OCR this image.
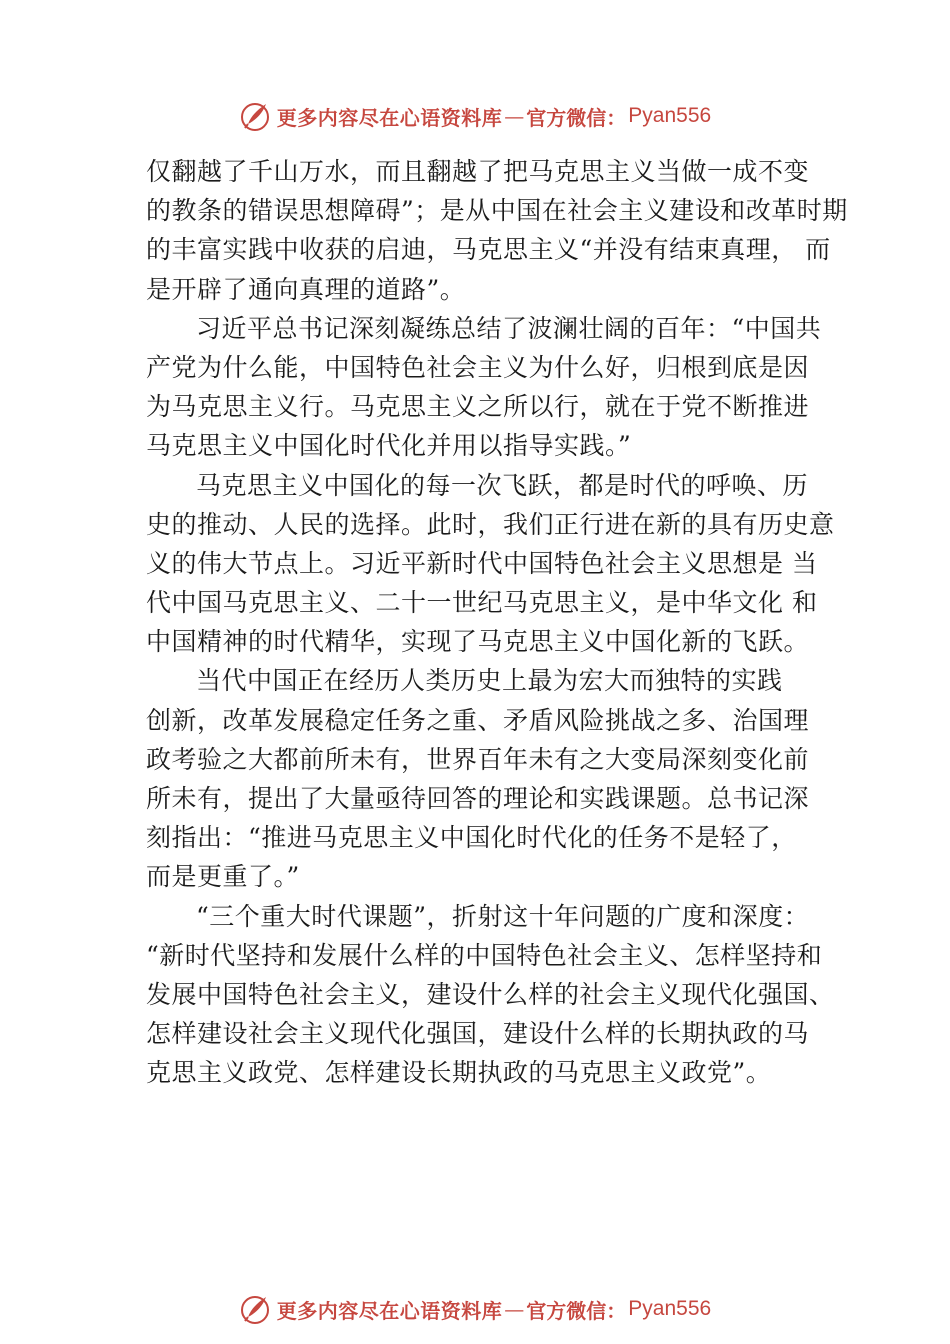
更多内容尽在心语资料库 — 官方微信： Pyan556
仅翻越了千山万水，而且翻越了把马克思主义当做一成不变
的教条的错误思想障碍”；是从中国在社会主义建设和改革时期
的丰富实践中收获的启迪，马克思主义“并没有结束真理， 而
是开辟了通向真理的道路”。
习近平总书记深刻凝练总结了波澜壮阔的百年：“中国共
产党为什么能，中国特色社会主义为什么好，归根到底是因
为马克思主义行。马克思主义之所以行，就在于党不断推进
马克思主义中国化时代化并用以指导实践。”
马克思主义中国化的每一次飞跃，都是时代的呼唤、历
史的推动、人民的选择。此时，我们正行进在新的具有历史意
义的伟大节点上。习近平新时代中国特色社会主义思想是 当
代中国马克思主义、二十一世纪马克思主义，是中华文化 和
中国精神的时代精华，实现了马克思主义中国化新的飞跃。
当代中国正在经历人类历史上最为宏大而独特的实践
创新，改革发展稳定任务之重、矛盾风险挑战之多、治国理
政考验之大都前所未有，世界百年未有之大变局深刻变化前
所未有，提出了大量亟待回答的理论和实践课题。总书记深
刻指出：“推进马克思主义中国化时代化的任务不是轻了，
而是更重了。”
“三个重大时代课题”，折射这十年问题的广度和深度：
“新时代坚持和发展什么样的中国特色社会主义、怎样坚持和
发展中国特色社会主义，建设什么样的社会主义现代化强国、
怎样建设社会主义现代化强国，建设什么样的长期执政的马
克思主义政党、怎样建设长期执政的马克思主义政党”。
更多内容尽在心语资料库 — 官方微信： Pyan556
